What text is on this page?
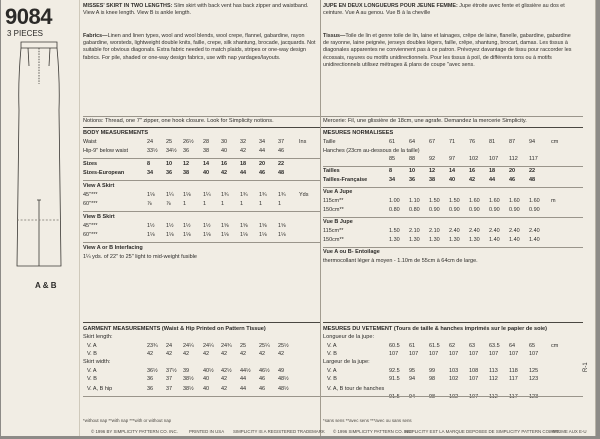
9084
3 PIECES
A & B
MISSES' SKIRT IN TWO LENGTHS: Slim skirt with back vent has back zipper and waistband. View A is knee length. View B is ankle length.
Fabrics—Linen and linen types, wool and wool blends, wool crepe, flannel, gabardine, rayon gabardine, worsteds, lightweight double knits, faille, crepe, silk shantung, brocade, jacquards. Not suitable for obvious diagonals. Extra fabric needed to match plaids, stripes or one-way design fabrics. For pile, shaded or one-way design fabrics, use with nap yardages/layouts.
Notions: Thread, one 7" zipper, one hook closure. Look for Simplicity notions.
BODY MEASUREMENTS
Waist	24 25 26½ 28 30 32 34 37	Ins
Hip-9" below waist	33½ 34½ 36	38 40 42 44 46
Sizes	8	10 12	14 16 18 20 22
Sizes-European	34 36 38	40 42 44 46 48
View A Skirt
45"***	1⅛ 1¼ 1⅛ 1¼ 1¾ 1¾ 1¾ 1¾ Yds
60"***	⅞	⅞ 1	1	1	1	1	1
View B Skirt
45"***	1½ 1½ 1½ 1½ 1⅝ 1⅝ 1⅝ 1⅝
60"***	1⅛ 1⅛ 1⅛ 1⅛ 1⅛ 1⅛ 1⅛ 1⅛
View A or B Interfacing
1¼ yds. of 22" to 25" light to mid-weight fusible
V. A	23¾ 24 24¼ 24¼ 24¾ 25 25¼ 25½
V. B	42 42 42	42 42 42 42 42
V. A	36½ 37½ 39	40½ 42½ 44½ 46½ 49
V. B	36 37 38½ 40 42 44 46 48½
V. A, B hip	36 37 38½ 40 42 44 46 48½
GARMENT MEASUREMENTS (Waist & Hip Printed on Pattern Tissue)
Skirt length:
Skirt width:
*without nap **with nap ***with or without nap
JUPE EN DEUX LONGUEURS POUR JEUNE FEMME: Jupe étroite avec fente et glissière au dos et ceinture. Vue A au genou. Vue B à la cheville
Tissus—Toile de lin et genre toile de lin, laine et lainages, crêpe de laine, flanelle, gabardine, gabardine de rayonne, laine peignée, jerseys doubles légers, faille, crêpe, shantung, brocart, damas. Les tissus à diagonales apparentes ne conviennent pas à ce patron. Prévoyez davantage de tissu pour raccorder les écossais, rayures ou motifs unidirectionnels. Pour les tissus à poil, de différents tons ou à motifs unidirectionnels utilisez métrages & plans de coupe "avec sens.
Mercerie: Fil, une glissière de 18cm, une agrafe. Demandez la mercerie Simplicity.
MESURES NORMALISEES
Taille	61	64	67	71	76	81	87	94	cm
Hanches (23cm au-dessous de la taille)
85	88	92	97	102 107 112 117
Tailles	8	10	12	14	16	18	20	22
Tailles-Française	34	36	38	40	42	44	46	48
Vue A Jupe
115cm**	1.00 1.10 1.50 1.50 1.60 1.60 1.60 1.60 m
150cm**	0.80 0.80 0.90 0.90 0.90 0.90 0.90 0.90
Vue B Jupe
115cm**	1.50 2.10 2.10 2.40 2.40 2.40 2.40 2.40
150cm**	1.30 1.30 1.30 1.30 1.30 1.40 1.40 1.40
Vue A ou B- Entoilage
thermocollant léger à moyen - 1.10m de 55cm à 64cm de large.
V. A	60.5 61	61.5 62	63	63.5 64	65	cm
V. B	107 107 107 107 107 107 107 107
V. A	92.5 95	99	103 108 113 118 125
V. B	91.5 94	98	102 107 112 117 123
V. A, B tour de hanches
91.5 94	98	102 107 112 117 123
MESURES DU VETEMENT (Tours de taille & hanches imprimés sur le papier de soie)
Longueur de la jupe:
Largeur de la jupe:
*sans sens **avec sens ***avec ou sans sens
R-1
© 1996 BY SIMPLICITY PATTERN CO. INC.	PRINTED IN USA SIMPLICITY IS A REGISTERED TRADEMARK © 1996 SIMPLICITY PATTERN CO. INC.
SIMPLICITY EST LA MARQUE DEPOSEE DE SIMPLICITY PATTERN CO. INC.
IMPRIME AUX E-U
